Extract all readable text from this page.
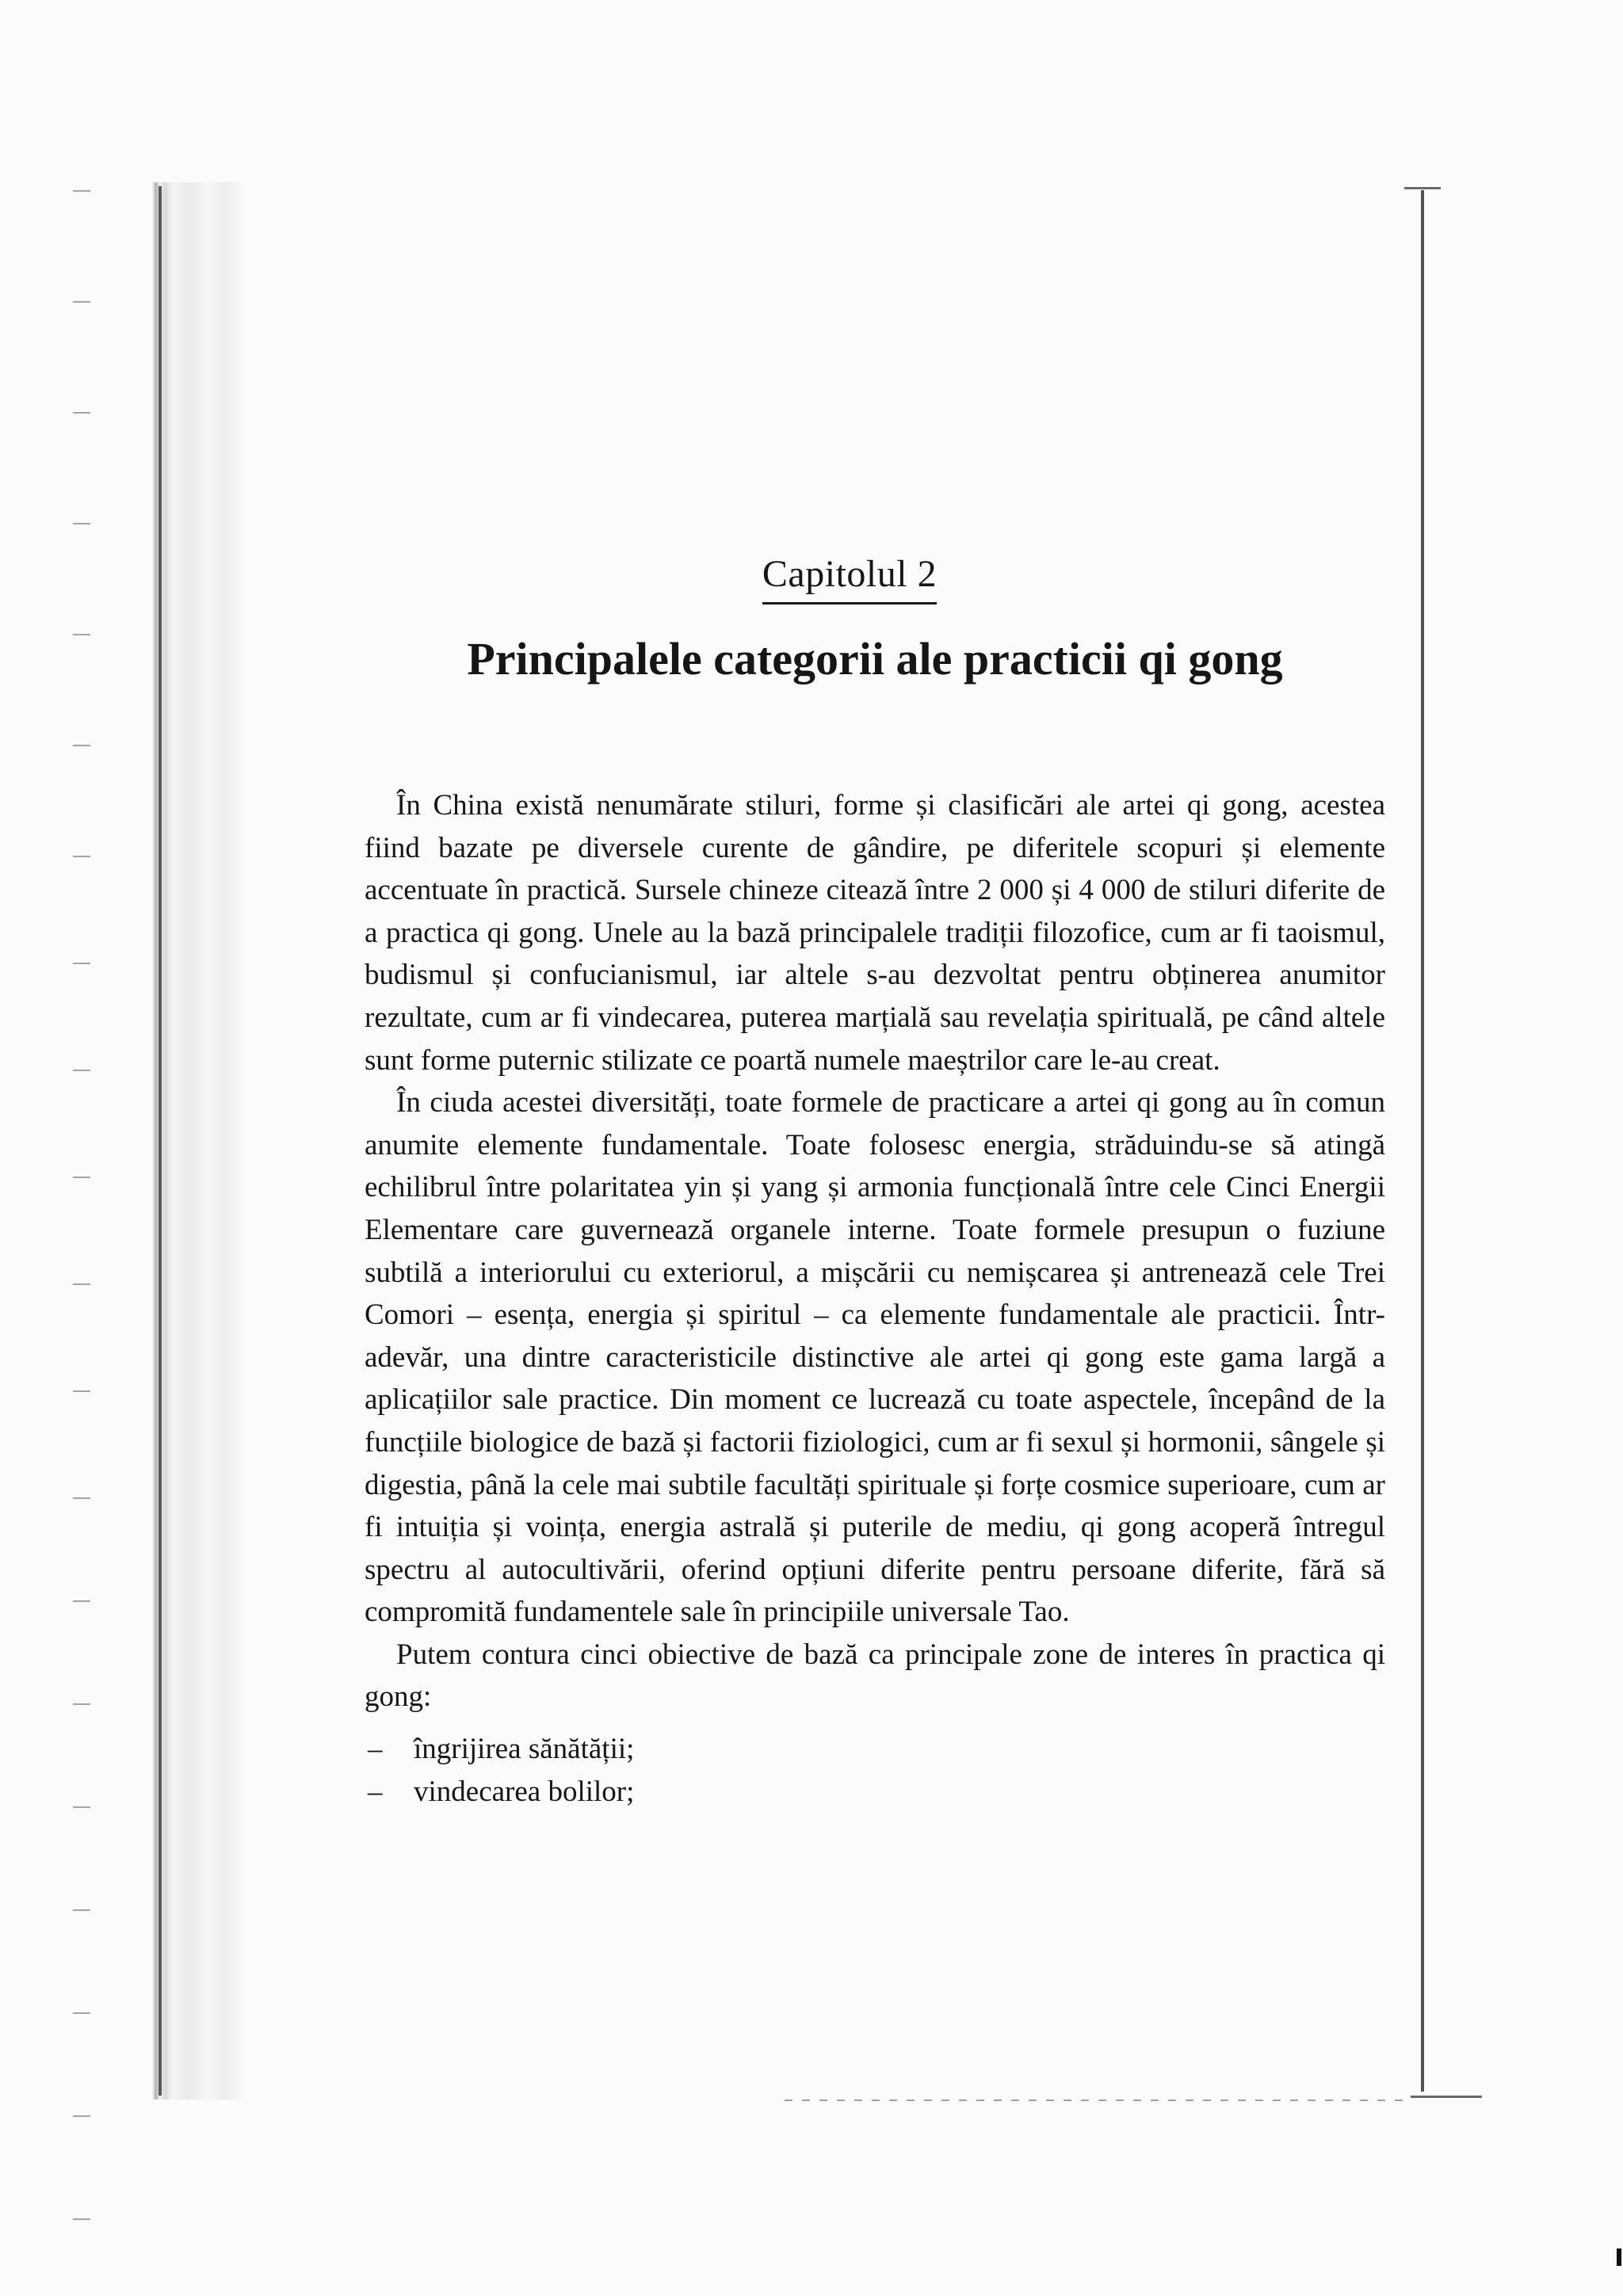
Capitolul 2
Principalele categorii ale practicii qi gong

În China există nenumărate stiluri, forme și clasificări ale artei qi gong, acestea fiind bazate pe diversele curente de gândire, pe diferitele scopuri și elemente accentuate în practică. Sursele chineze citează între 2 000 și 4 000 de stiluri diferite de a practica qi gong. Unele au la bază principalele tradiții filozofice, cum ar fi taoismul, budismul și confucianismul, iar altele s-au dezvoltat pentru obținerea anumitor rezultate, cum ar fi vindecarea, puterea marțială sau revelația spirituală, pe când altele sunt forme puternic stilizate ce poartă numele maeștrilor care le-au creat.

În ciuda acestei diversități, toate formele de practicare a artei qi gong au în comun anumite elemente fundamentale. Toate folosesc energia, străduindu-se să atingă echilibrul între polaritatea yin și yang și armonia funcțională între cele Cinci Energii Elementare care guvernează organele interne. Toate formele presupun o fuziune subtilă a interiorului cu exteriorul, a mișcării cu nemișcarea și antrenează cele Trei Comori – esența, energia și spiritul – ca elemente fundamentale ale practicii. Într-adevăr, una dintre caracteristicile distinctive ale artei qi gong este gama largă a aplicațiilor sale practice. Din moment ce lucrează cu toate aspectele, începând de la funcțiile biologice de bază și factorii fiziologici, cum ar fi sexul și hormonii, sângele și digestia, până la cele mai subtile facultăți spirituale și forțe cosmice superioare, cum ar fi intuiția și voința, energia astrală și puterile de mediu, qi gong acoperă întregul spectru al autocultivării, oferind opțiuni diferite pentru persoane diferite, fără să compromită fundamentele sale în principiile universale Tao.

Putem contura cinci obiective de bază ca principale zone de interes în practica qi gong:

– îngrijirea sănătății;
– vindecarea bolilor;
